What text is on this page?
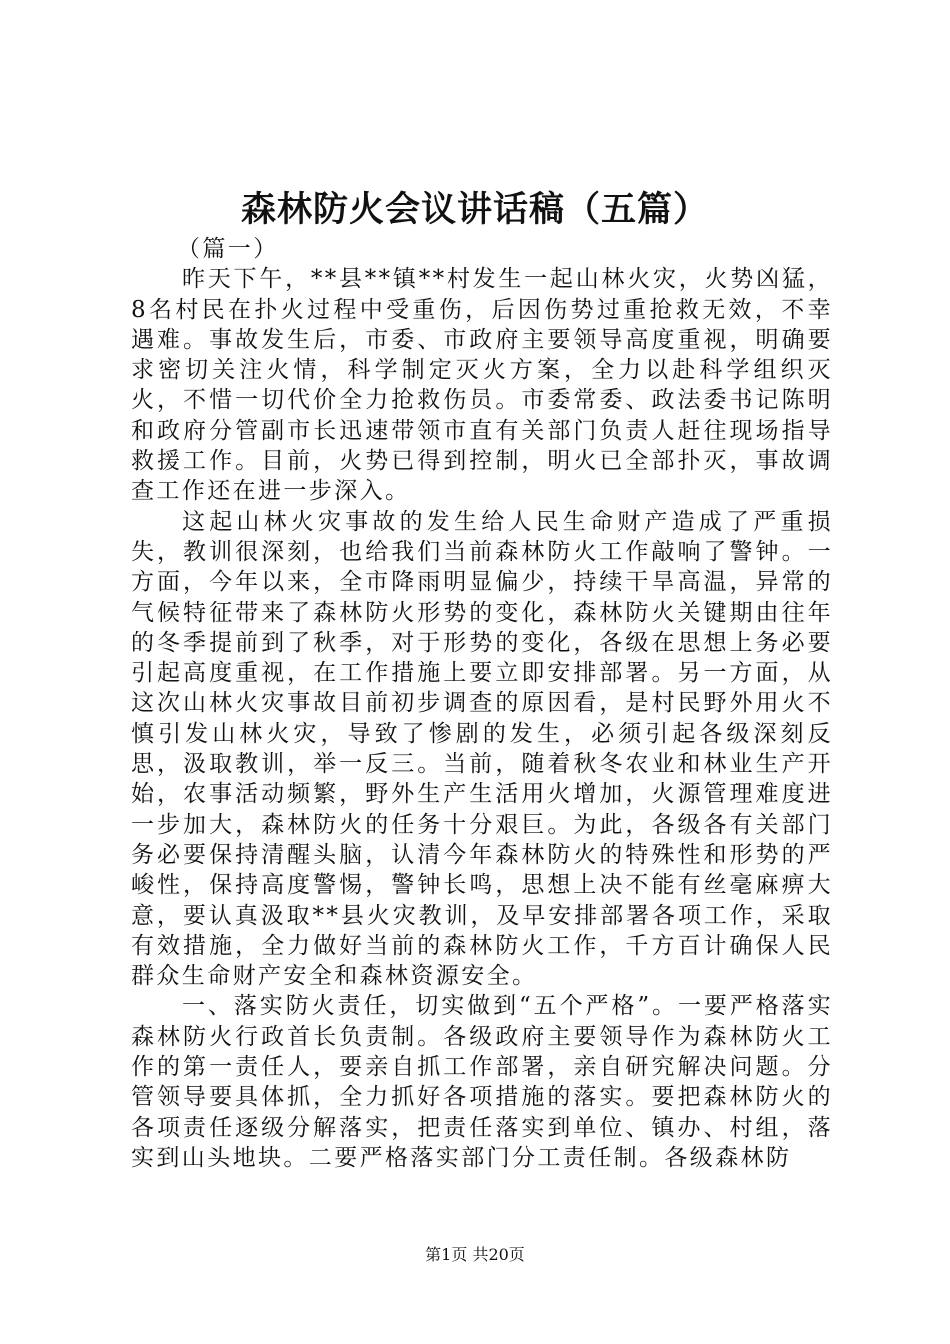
森林防火会议讲话稿（五篇）

（篇一）

昨天下午，**县**镇**村发生一起山林火灾，火势凶猛，8名村民在扑火过程中受重伤，后因伤势过重抢救无效，不幸遇难。事故发生后，市委、市政府主要领导高度重视，明确要求密切关注火情，科学制定灭火方案，全力以赴科学组织灭火，不惜一切代价全力抢救伤员。市委常委、政法委书记陈明和政府分管副市长迅速带领市直有关部门负责人赶往现场指导救援工作。目前，火势已得到控制，明火已全部扑灭，事故调查工作还在进一步深入。

这起山林火灾事故的发生给人民生命财产造成了严重损失，教训很深刻，也给我们当前森林防火工作敲响了警钟。一方面，今年以来，全市降雨明显偏少，持续干旱高温，异常的气候特征带来了森林防火形势的变化，森林防火关键期由往年的冬季提前到了秋季，对于形势的变化，各级在思想上务必要引起高度重视，在工作措施上要立即安排部署。另一方面，从这次山林火灾事故目前初步调查的原因看，是村民野外用火不慎引发山林火灾，导致了惨剧的发生，必须引起各级深刻反思，汲取教训，举一反三。当前，随着秋冬农业和林业生产开始，农事活动频繁，野外生产生活用火增加，火源管理难度进一步加大，森林防火的任务十分艰巨。为此，各级各有关部门务必要保持清醒头脑，认清今年森林防火的特殊性和形势的严峻性，保持高度警惕，警钟长鸣，思想上决不能有丝毫麻痹大意，要认真汲取**县火灾教训，及早安排部署各项工作，采取有效措施，全力做好当前的森林防火工作，千方百计确保人民群众生命财产安全和森林资源安全。

一、落实防火责任，切实做到“五个严格”。一要严格落实森林防火行政首长负责制。各级政府主要领导作为森林防火工作的第一责任人，要亲自抓工作部署，亲自研究解决问题。分管领导要具体抓，全力抓好各项措施的落实。要把森林防火的各项责任逐级分解落实，把责任落实到单位、镇办、村组，落实到山头地块。二要严格落实部门分工责任制。各级森林防

第1页 共20页
